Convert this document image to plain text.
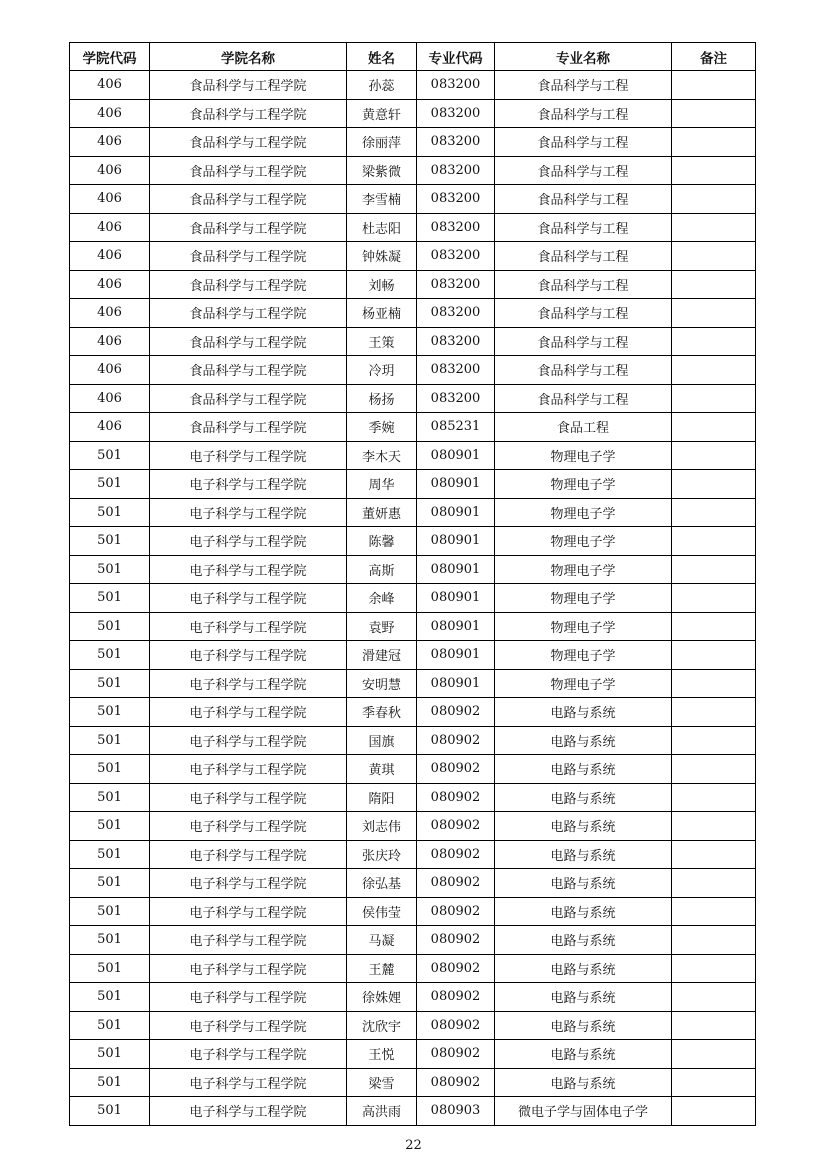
学院代码	学院名称	姓名	专业代码	专业名称	备注
406	食品科学与工程学院	孙蕊	083200	食品科学与工程	
406	食品科学与工程学院	黄意轩	083200	食品科学与工程	
406	食品科学与工程学院	徐丽萍	083200	食品科学与工程	
406	食品科学与工程学院	梁紫微	083200	食品科学与工程	
406	食品科学与工程学院	李雪楠	083200	食品科学与工程	
406	食品科学与工程学院	杜志阳	083200	食品科学与工程	
406	食品科学与工程学院	钟姝凝	083200	食品科学与工程	
406	食品科学与工程学院	刘畅	083200	食品科学与工程	
406	食品科学与工程学院	杨亚楠	083200	食品科学与工程	
406	食品科学与工程学院	王策	083200	食品科学与工程	
406	食品科学与工程学院	冷玥	083200	食品科学与工程	
406	食品科学与工程学院	杨扬	083200	食品科学与工程	
406	食品科学与工程学院	季婉	085231	食品工程	
501	电子科学与工程学院	李木天	080901	物理电子学	
501	电子科学与工程学院	周华	080901	物理电子学	
501	电子科学与工程学院	董妍惠	080901	物理电子学	
501	电子科学与工程学院	陈馨	080901	物理电子学	
501	电子科学与工程学院	高斯	080901	物理电子学	
501	电子科学与工程学院	余峰	080901	物理电子学	
501	电子科学与工程学院	袁野	080901	物理电子学	
501	电子科学与工程学院	滑建冠	080901	物理电子学	
501	电子科学与工程学院	安明慧	080901	物理电子学	
501	电子科学与工程学院	季春秋	080902	电路与系统	
501	电子科学与工程学院	国旗	080902	电路与系统	
501	电子科学与工程学院	黄琪	080902	电路与系统	
501	电子科学与工程学院	隋阳	080902	电路与系统	
501	电子科学与工程学院	刘志伟	080902	电路与系统	
501	电子科学与工程学院	张庆玲	080902	电路与系统	
501	电子科学与工程学院	徐弘基	080902	电路与系统	
501	电子科学与工程学院	侯伟莹	080902	电路与系统	
501	电子科学与工程学院	马凝	080902	电路与系统	
501	电子科学与工程学院	王麓	080902	电路与系统	
501	电子科学与工程学院	徐姝娌	080902	电路与系统	
501	电子科学与工程学院	沈欣宇	080902	电路与系统	
501	电子科学与工程学院	王悦	080902	电路与系统	
501	电子科学与工程学院	梁雪	080902	电路与系统	
501	电子科学与工程学院	高洪雨	080903	微电子学与固体电子学	
22
